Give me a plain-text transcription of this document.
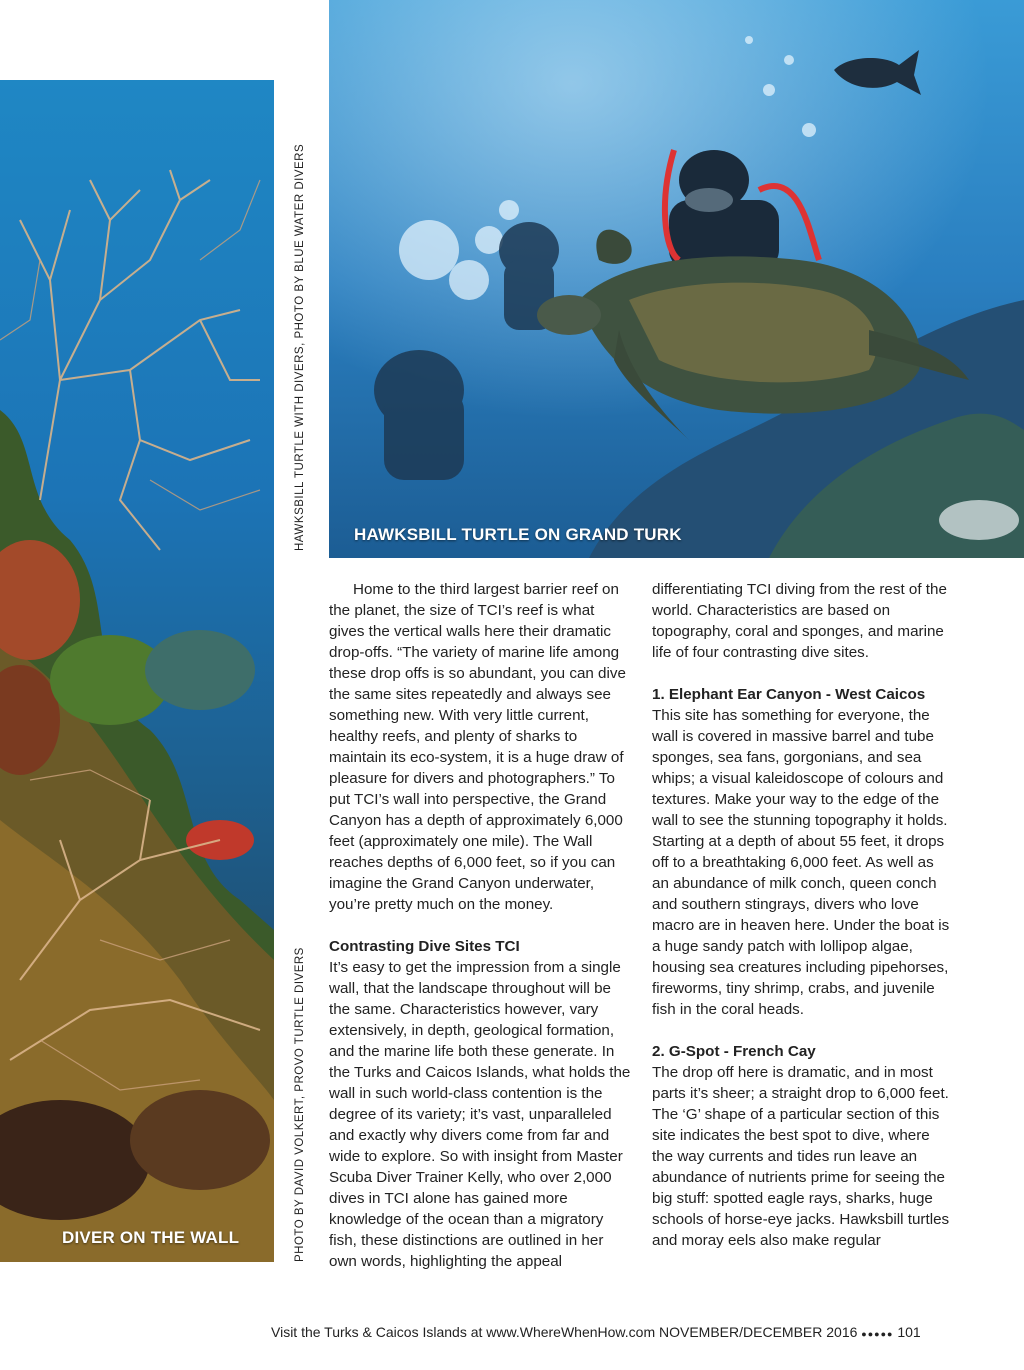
DIVER ON THE WALL	PHOTO BY DAVID VOLKERT, PROVO TURTLE DIVERS
HAWKSBILL TURTLE WITH DIVERS, PHOTO BY BLUE WATER DIVERS	HAWKSBILL TURTLE ON GRAND TURK

Home to the third largest barrier reef on the planet, the size of TCI’s reef is what gives the vertical walls here their dramatic drop-offs. “The variety of marine life among these drop offs is so abundant, you can dive the same sites repeatedly and always see something new. With very little current, healthy reefs, and plenty of sharks to maintain its eco-system, it is a huge draw of pleasure for divers and photographers.” To put TCI’s wall into perspective, the Grand Canyon has a depth of approximately 6,000 feet (approximately one mile). The Wall reaches depths of 6,000 feet, so if you can imagine the Grand Canyon underwater, you’re pretty much on the money.

Contrasting Dive Sites TCI

It’s easy to get the impression from a single wall, that the landscape throughout will be the same. Characteristics however, vary extensively, in depth, geological formation, and the marine life both these generate. In the Turks and Caicos Islands, what holds the wall in such world-class contention is the degree of its variety; it’s vast, unparalleled and exactly why divers come from far and wide to explore. So with insight from Master Scuba Diver Trainer Kelly, who over 2,000 dives in TCI alone has gained more knowledge of the ocean than a migratory fish, these distinctions are outlined in her own words, highlighting the appeal

differentiating TCI diving from the rest of the world. Characteristics are based on topography, coral and sponges, and marine life of four contrasting dive sites.

1. Elephant Ear Canyon - West Caicos

This site has something for everyone, the wall is covered in massive barrel and tube sponges, sea fans, gorgonians, and sea whips; a visual kaleidoscope of colours and textures. Make your way to the edge of the wall to see the stunning topography it holds. Starting at a depth of about 55 feet, it drops off to a breathtaking 6,000 feet. As well as an abundance of milk conch, queen conch and southern stingrays, divers who love macro are in heaven here. Under the boat is a huge sandy patch with lollipop algae, housing sea creatures including pipehorses, fireworms, tiny shrimp, crabs, and juvenile fish in the coral heads.

2. G-Spot - French Cay

The drop off here is dramatic, and in most parts it’s sheer; a straight drop to 6,000 feet. The ‘G’ shape of a particular section of this site indicates the best spot to dive, where the way currents and tides run leave an abundance of nutrients prime for seeing the big stuff: spotted eagle rays, sharks, huge schools of horse-eye jacks. Hawksbill turtles and moray eels also make regular

Visit the Turks & Caicos Islands at www.WhereWhenHow.com NOVEMBER/DECEMBER 2016 ●●●●● 101
